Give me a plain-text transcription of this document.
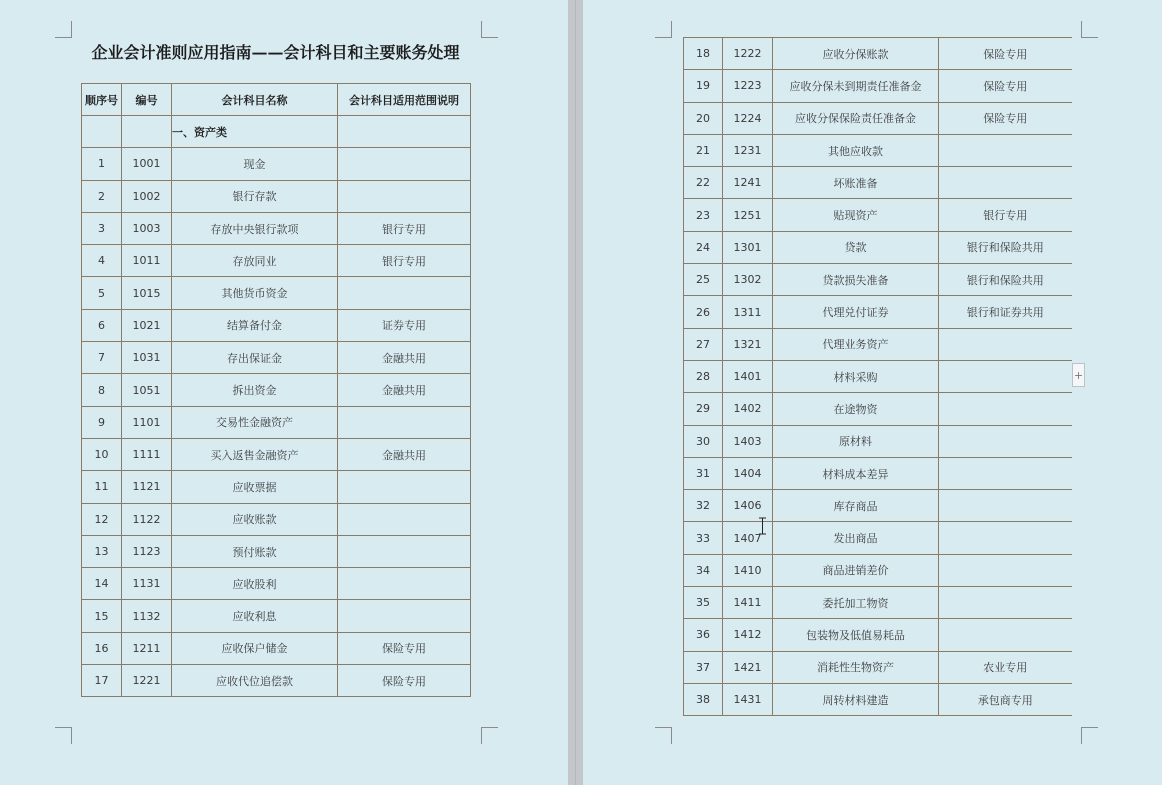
企业会计准则应用指南——会计科目和主要账务处理
顺序号	编号	会计科目名称	会计科目适用范围说明
		一、资产类	
1	1001	现金	
2	1002	银行存款	
3	1003	存放中央银行款项	银行专用
4	1011	存放同业	银行专用
5	1015	其他货币资金	
6	1021	结算备付金	证券专用
7	1031	存出保证金	金融共用
8	1051	拆出资金	金融共用
9	1101	交易性金融资产	
10	1111	买入返售金融资产	金融共用
11	1121	应收票据	
12	1122	应收账款	
13	1123	预付账款	
14	1131	应收股利	
15	1132	应收利息	
16	1211	应收保户储金	保险专用
17	1221	应收代位追偿款	保险专用
18	1222	应收分保账款	保险专用
19	1223	应收分保未到期责任准备金	保险专用
20	1224	应收分保保险责任准备金	保险专用
21	1231	其他应收款	
22	1241	坏账准备	
23	1251	贴现资产	银行专用
24	1301	贷款	银行和保险共用
25	1302	贷款损失准备	银行和保险共用
26	1311	代理兑付证券	银行和证券共用
27	1321	代理业务资产	
28	1401	材料采购	
29	1402	在途物资	
30	1403	原材料	
31	1404	材料成本差异	
32	1406	库存商品	
33	1407	发出商品	
34	1410	商品进销差价	
35	1411	委托加工物资	
36	1412	包装物及低值易耗品	
37	1421	消耗性生物资产	农业专用
38	1431	周转材料建造	承包商专用
+
